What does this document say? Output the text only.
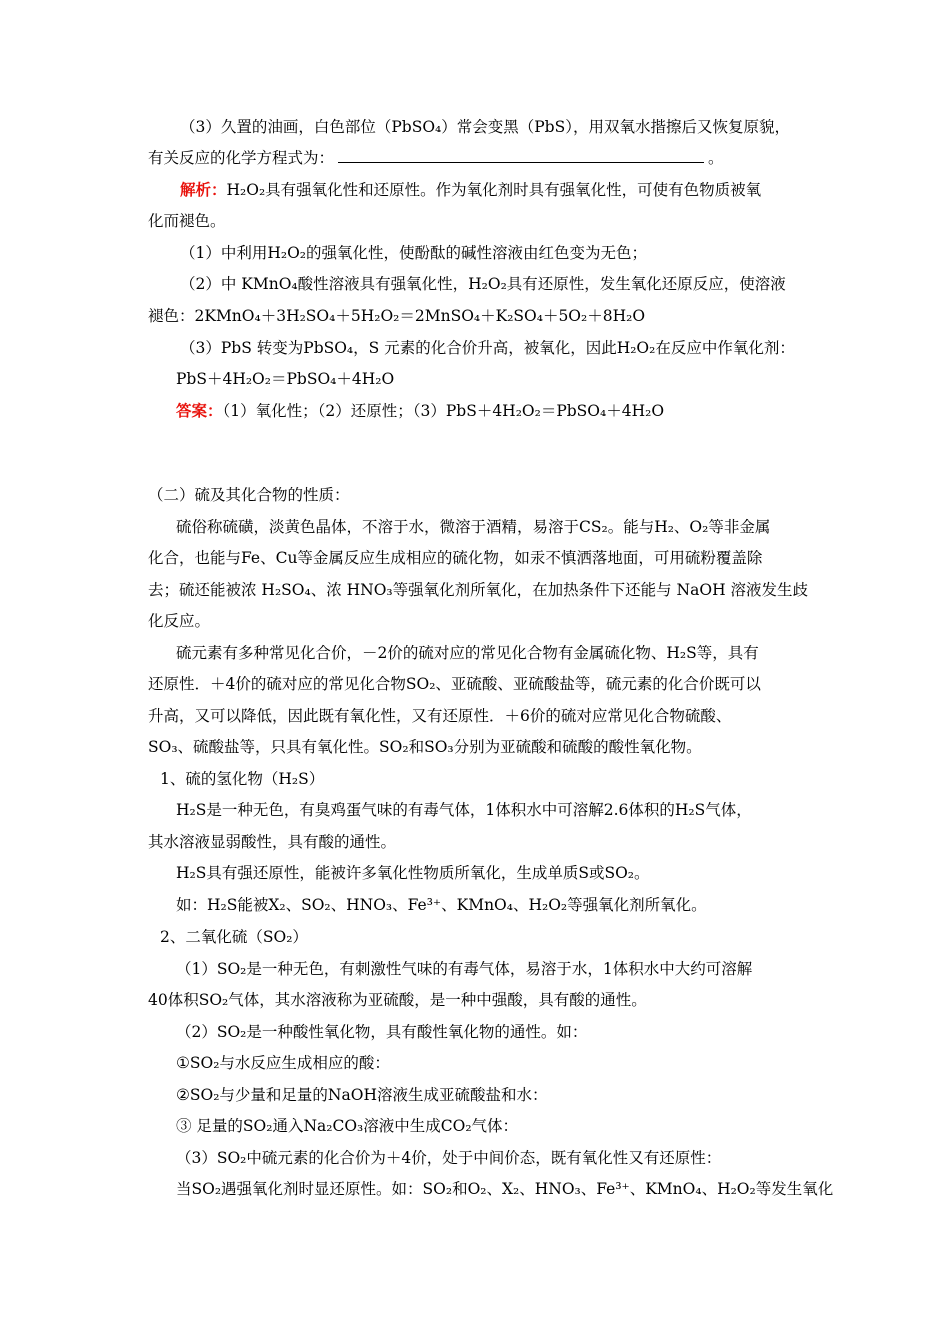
（3）久置的油画，白色部位（PbSO₄）常会变黑（PbS），用双氧水揩擦后又恢复原貌，
有关反应的化学方程式为：	。
解析：H₂O₂具有强氧化性和还原性。作为氧化剂时具有强氧化性，可使有色物质被氧
化而褪色。
（1）中利用H₂O₂的强氧化性，使酚酞的碱性溶液由红色变为无色；
（2）中 KMnO₄酸性溶液具有强氧化性，H₂O₂具有还原性，发生氧化还原反应，使溶液
褪色：2KMnO₄＋3H₂SO₄＋5H₂O₂＝2MnSO₄＋K₂SO₄＋5O₂＋8H₂O
（3）PbS 转变为PbSO₄，S 元素的化合价升高，被氧化，因此H₂O₂在反应中作氧化剂：
PbS＋4H₂O₂＝PbSO₄＋4H₂O
答案：（1）氧化性；（2）还原性；（3）PbS＋4H₂O₂＝PbSO₄＋4H₂O
（二）硫及其化合物的性质：
硫俗称硫磺，淡黄色晶体，不溶于水，微溶于酒精，易溶于CS₂。能与H₂、O₂等非金属
化合，也能与Fe、Cu等金属反应生成相应的硫化物，如汞不慎洒落地面，可用硫粉覆盖除
去；硫还能被浓 H₂SO₄、浓 HNO₃等强氧化剂所氧化，在加热条件下还能与 NaOH 溶液发生歧
化反应。
硫元素有多种常见化合价，－2价的硫对应的常见化合物有金属硫化物、H₂S等，具有
还原性．＋4价的硫对应的常见化合物SO₂、亚硫酸、亚硫酸盐等，硫元素的化合价既可以
升高，又可以降低，因此既有氧化性，又有还原性．＋6价的硫对应常见化合物硫酸、
SO₃、硫酸盐等，只具有氧化性。SO₂和SO₃分别为亚硫酸和硫酸的酸性氧化物。
1、硫的氢化物（H₂S）
H₂S是一种无色，有臭鸡蛋气味的有毒气体，1体积水中可溶解2.6体积的H₂S气体，
其水溶液显弱酸性，具有酸的通性。
H₂S具有强还原性，能被许多氧化性物质所氧化，生成单质S或SO₂。
如：H₂S能被X₂、SO₂、HNO₃、Fe³⁺、KMnO₄、H₂O₂等强氧化剂所氧化。
2、二氧化硫（SO₂）
（1）SO₂是一种无色，有刺激性气味的有毒气体，易溶于水，1体积水中大约可溶解
40体积SO₂气体，其水溶液称为亚硫酸，是一种中强酸，具有酸的通性。
（2）SO₂是一种酸性氧化物，具有酸性氧化物的通性。如：
①SO₂与水反应生成相应的酸：
②SO₂与少量和足量的NaOH溶液生成亚硫酸盐和水：
③ 足量的SO₂通入Na₂CO₃溶液中生成CO₂气体：
（3）SO₂中硫元素的化合价为＋4价，处于中间价态，既有氧化性又有还原性：
当SO₂遇强氧化剂时显还原性。如：SO₂和O₂、X₂、HNO₃、Fe³⁺、KMnO₄、H₂O₂等发生氧化
